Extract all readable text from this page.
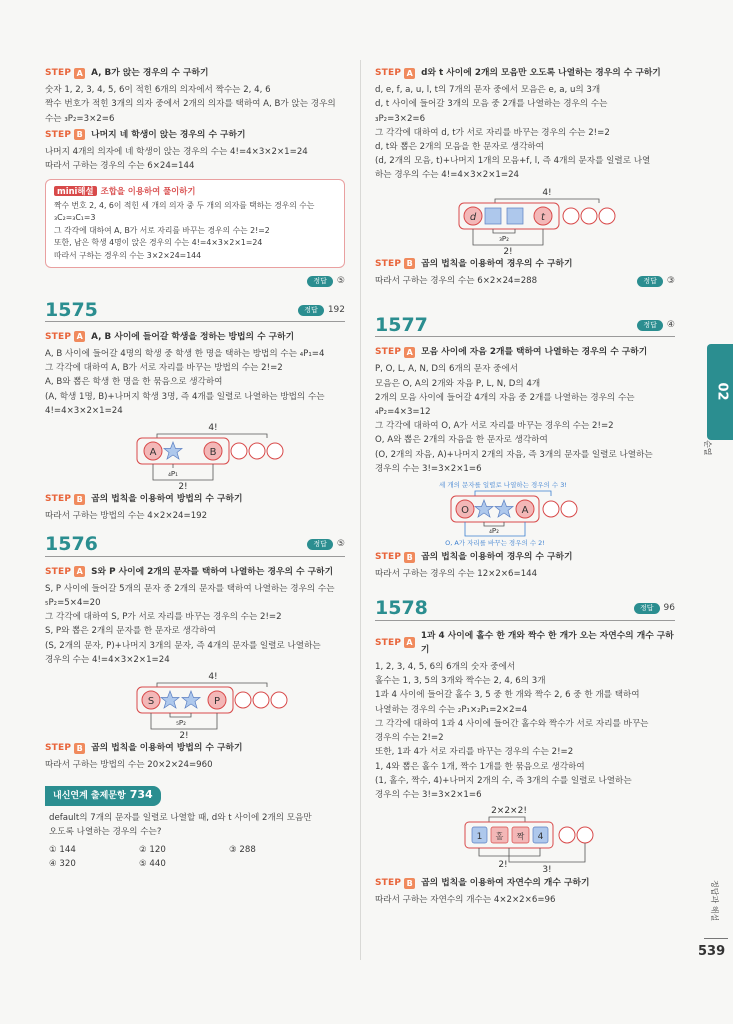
STEP A A, B가 앉는 경우의 수 구하기
숫자 1, 2, 3, 4, 5, 6이 적힌 6개의 의자에서 짝수는 2, 4, 6
짝수 번호가 적힌 3개의 의자 중에서 2개의 의자를 택하여 A, B가 앉는 경우의
수는 ₃P₂=3×2=6
STEP B 나머지 네 학생이 앉는 경우의 수 구하기
나머지 4개의 의자에 네 학생이 앉는 경우의 수는 4!=4×3×2×1=24
따라서 구하는 경우의 수는 6×24=144
mini해설 조합을 이용하여 풀이하기
짝수 번호 2, 4, 6이 적힌 세 개의 의자 중 두 개의 의자를 택하는 경우의 수는
₃C₂=₃C₁=3
그 각각에 대하여 A, B가 서로 자리를 바꾸는 경우의 수는 2!=2
또한, 남은 학생 4명이 앉은 경우의 수는 4!=4×3×2×1=24
따라서 구하는 경우의 수는 3×2×24=144
정답	⑤
1575	정답 192
STEP A A, B 사이에 들어갈 학생을 정하는 방법의 수 구하기
A, B 사이에 들어갈 4명의 학생 중 학생 한 명을 택하는 방법의 수는 ₄P₁=4
그 각각에 대하여 A, B가 서로 자리를 바꾸는 방법의 수는 2!=2
A, B와 뽑은 학생 한 명을 한 묶음으로 생각하여
(A, 학생 1명, B)+나머지 학생 3명, 즉 4개를 일렬로 나열하는 방법의 수는
4!=4×3×2×1=24
4!
A	B
₄P₁
2!
STEP B 곱의 법칙을 이용하여 방법의 수 구하기
따라서 구하는 방법의 수는 4×2×24=192
1576	정답 ⑤
STEP A S와 P 사이에 2개의 문자를 택하여 나열하는 경우의 수 구하기
S, P 사이에 들어갈 5개의 문자 중 2개의 문자를 택하여 나열하는 경우의 수는
₅P₂=5×4=20
그 각각에 대하여 S, P가 서로 자리를 바꾸는 경우의 수는 2!=2
S, P와 뽑은 2개의 문자를 한 문자로 생각하여
(S, 2개의 문자, P)+나머지 3개의 문자, 즉 4개의 문자를 일렬로 나열하는
경우의 수는 4!=4×3×2×1=24
4!
S	P
₅P₂
2!
STEP B 곱의 법칙을 이용하여 방법의 수 구하기
따라서 구하는 방법의 수는 20×2×24=960
내신연계 출제문항 734
default의 7개의 문자를 일렬로 나열할 때, d와 t 사이에 2개의 모음만
오도록 나열하는 경우의 수는?
① 144	② 120	③ 288
④ 320	⑤ 440
STEP A d와 t 사이에 2개의 모음만 오도록 나열하는 경우의 수 구하기
d, e, f, a, u, l, t의 7개의 문자 중에서 모음은 e, a, u의 3개
d, t 사이에 들어갈 3개의 모음 중 2개를 나열하는 경우의 수는
₃P₂=3×2=6
그 각각에 대하여 d, t가 서로 자리를 바꾸는 경우의 수는 2!=2
d, t와 뽑은 2개의 모음을 한 문자로 생각하여
(d, 2개의 모음, t)+나머지 1개의 모음+f, l, 즉 4개의 문자를 일렬로 나열
하는 경우의 수는 4!=4×3×2×1=24
4!
d	t
₃P₂
2!
STEP B 곱의 법칙을 이용하여 경우의 수 구하기
따라서 구하는 경우의 수는 6×2×24=288	정답 ③
1577	정답 ④
STEP A 모음 사이에 자음 2개를 택하여 나열하는 경우의 수 구하기
P, O, L, A, N, D의 6개의 문자 중에서
모음은 O, A의 2개와 자음 P, L, N, D의 4개
2개의 모음 사이에 들어갈 4개의 자음 중 2개를 나열하는 경우의 수는
₄P₂=4×3=12
그 각각에 대하여 O, A가 서로 자리를 바꾸는 경우의 수는 2!=2
O, A와 뽑은 2개의 자음을 한 문자로 생각하여
(O, 2개의 자음, A)+나머지 2개의 자음, 즉 3개의 문자를 일렬로 나열하는
경우의 수는 3!=3×2×1=6
세 개의 문자를 일렬로 나열하는 경우의 수 3!
O	A
₄P₂
O, A가 자리를 바꾸는 경우의 수 2!
STEP B 곱의 법칙을 이용하여 경우의 수 구하기
따라서 구하는 경우의 수는 12×2×6=144
1578	정답 96
STEP A
1과 4 사이에 홀수 한 개와 짝수 한 개가 오는 자연수의 개수 구하기
1, 2, 3, 4, 5, 6의 6개의 숫자 중에서
홀수는 1, 3, 5의 3개와 짝수는 2, 4, 6의 3개
1과 4 사이에 들어갈 홀수 3, 5 중 한 개와 짝수 2, 6 중 한 개를 택하여
나열하는 경우의 수는 ₂P₁×₂P₁=2×2=4
그 각각에 대하여 1과 4 사이에 들어간 홀수와 짝수가 서로 자리를 바꾸는
경우의 수는 2!=2
또한, 1과 4가 서로 자리를 바꾸는 경우의 수는 2!=2
1, 4와 뽑은 홀수 1개, 짝수 1개를 한 묶음으로 생각하여
(1, 홀수, 짝수, 4)+나머지 2개의 수, 즉 3개의 수를 일렬로 나열하는
경우의 수는 3!=3×2×1=6
2×2×2!
1 홀 짝 4
2!	3!
STEP B 곱의 법칙을 이용하여 자연수의 개수 구하기
따라서 구하는 자연수의 개수는 4×2×2×6=96
02
순열
정답과 해설
539
